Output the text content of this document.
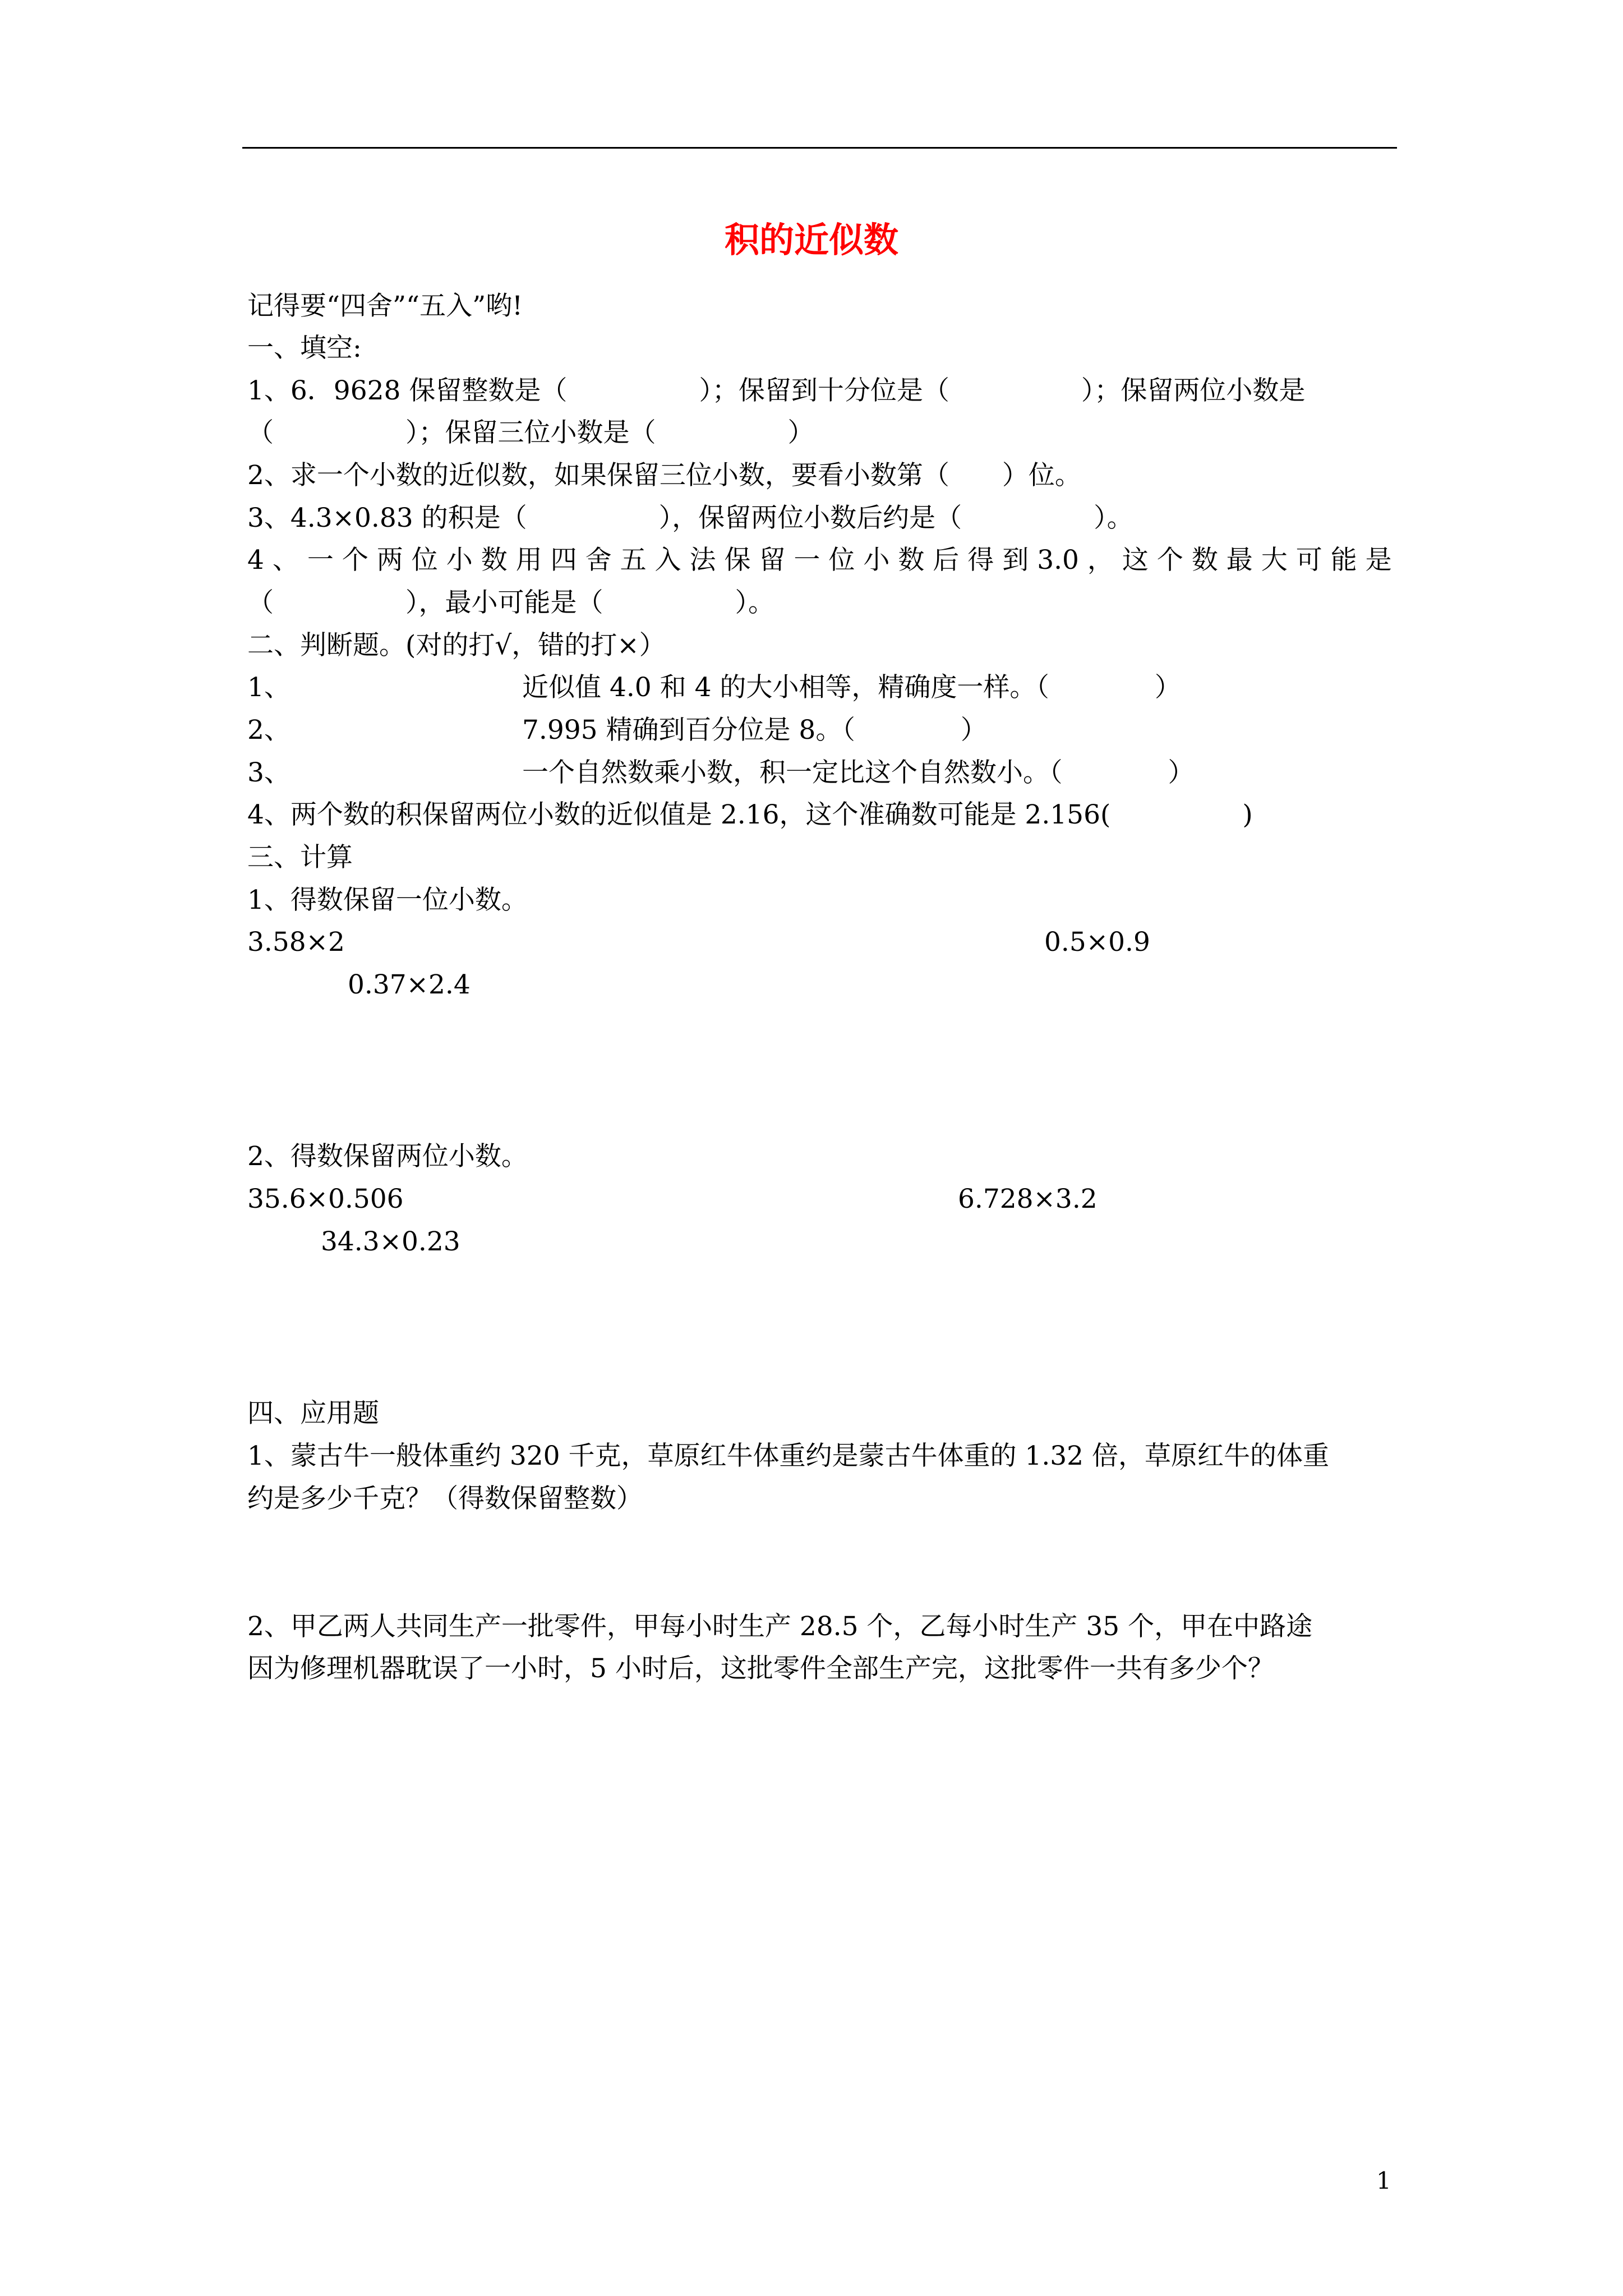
积的近似数
记得要“四舍”“五入”哟!
一、填空:
1、6．9628 保留整数是（　　　　　）；保留到十分位是（　　　　　）；保留两位小数是
（　　　　　）；保留三位小数是（　　　　　）
2、求一个小数的近似数，如果保留三位小数，要看小数第（　　）位。
3、4.3×0.83 的积是（　　　　　），保留两位小数后约是（　　　　　）。
4 、 一 个 两 位 小 数 用 四 舍 五 入 法 保 留 一 位 小 数 后 得 到 3.0 ， 这 个 数 最 大 可 能 是
（　　　　　），最小可能是（　　　　　）。
二、判断题。(对的打√，错的打×）
1、	近似值 4.0 和 4 的大小相等，精确度一样。（　　　　）
2、	7.995 精确到百分位是 8。（　　　　）
3、	一个自然数乘小数，积一定比这个自然数小。（　　　　）
4、两个数的积保留两位小数的近似值是 2.16，这个准确数可能是 2.156(　　　　　)
三、计算
1、得数保留一位小数。
3.58×2	0.5×0.9
0.37×2.4
2、得数保留两位小数。
35.6×0.506	6.728×3.2
34.3×0.23
四、应用题
1、蒙古牛一般体重约 320 千克，草原红牛体重约是蒙古牛体重的 1.32 倍，草原红牛的体重
约是多少千克？（得数保留整数）
2、甲乙两人共同生产一批零件，甲每小时生产 28.5 个，乙每小时生产 35 个，甲在中路途
因为修理机器耽误了一小时，5 小时后，这批零件全部生产完，这批零件一共有多少个？
1
